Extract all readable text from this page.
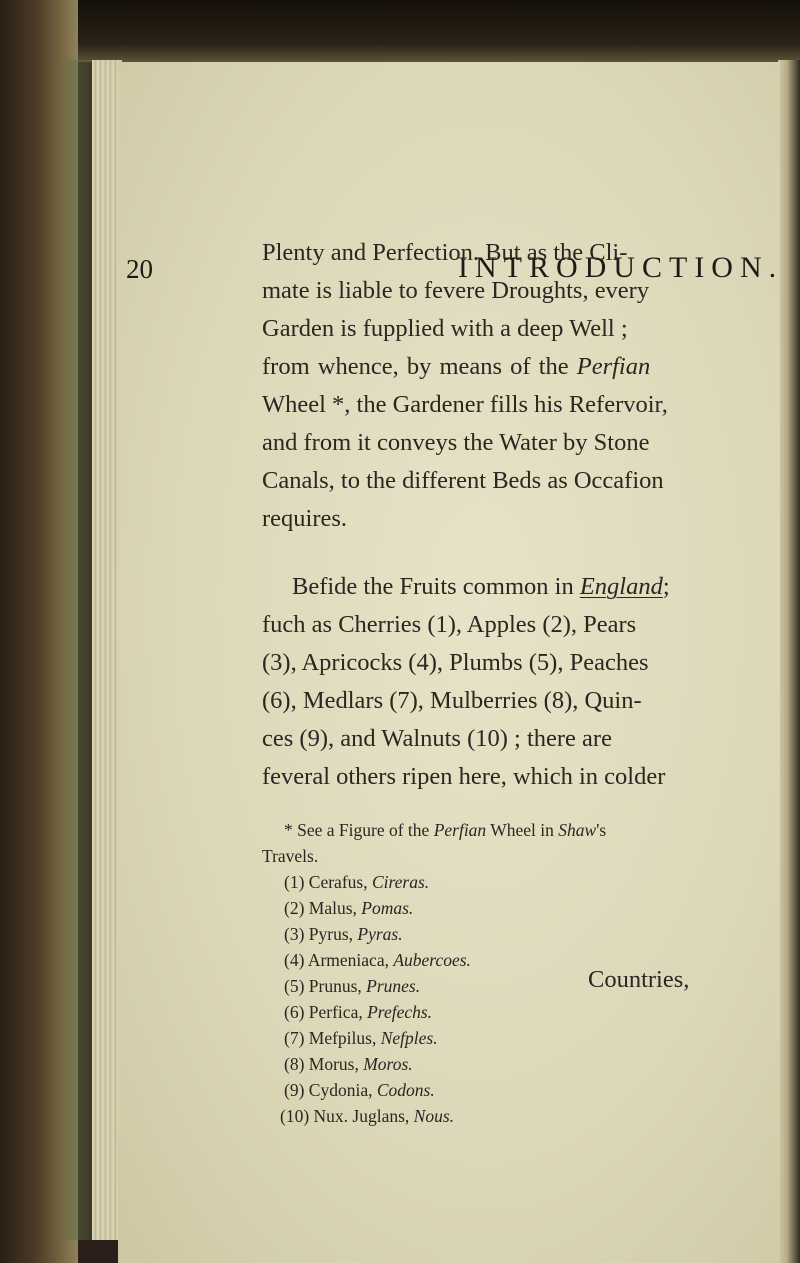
20	INTRODUCTION.
Plenty and Perfection. But as the Cli-
mate is liable to fevere Droughts, every
Garden is fupplied with a deep Well ;
from whence, by means of the Perfian
Wheel *, the Gardener fills his Refervoir,
and from it conveys the Water by Stone
Canals, to the different Beds as Occafion
requires.
Befide the Fruits common in England;
fuch as Cherries (1), Apples (2), Pears
(3), Apricocks (4), Plumbs (5), Peaches
(6), Medlars (7), Mulberries (8), Quin-
ces (9), and Walnuts (10) ; there are
feveral others ripen here, which in colder
* See a Figure of the Perfian Wheel in Shaw's
Travels.
(1) Cerafus, Cireras.
(2) Malus, Pomas.
(3) Pyrus, Pyras.
(4) Armeniaca, Aubercoes.
(5) Prunus, Prunes.
(6) Perfica, Prefechs.
(7) Mefpilus, Nefples.
(8) Morus, Moros.
(9) Cydonia, Codons.
(10) Nux. Juglans, Nous.
Countries,
